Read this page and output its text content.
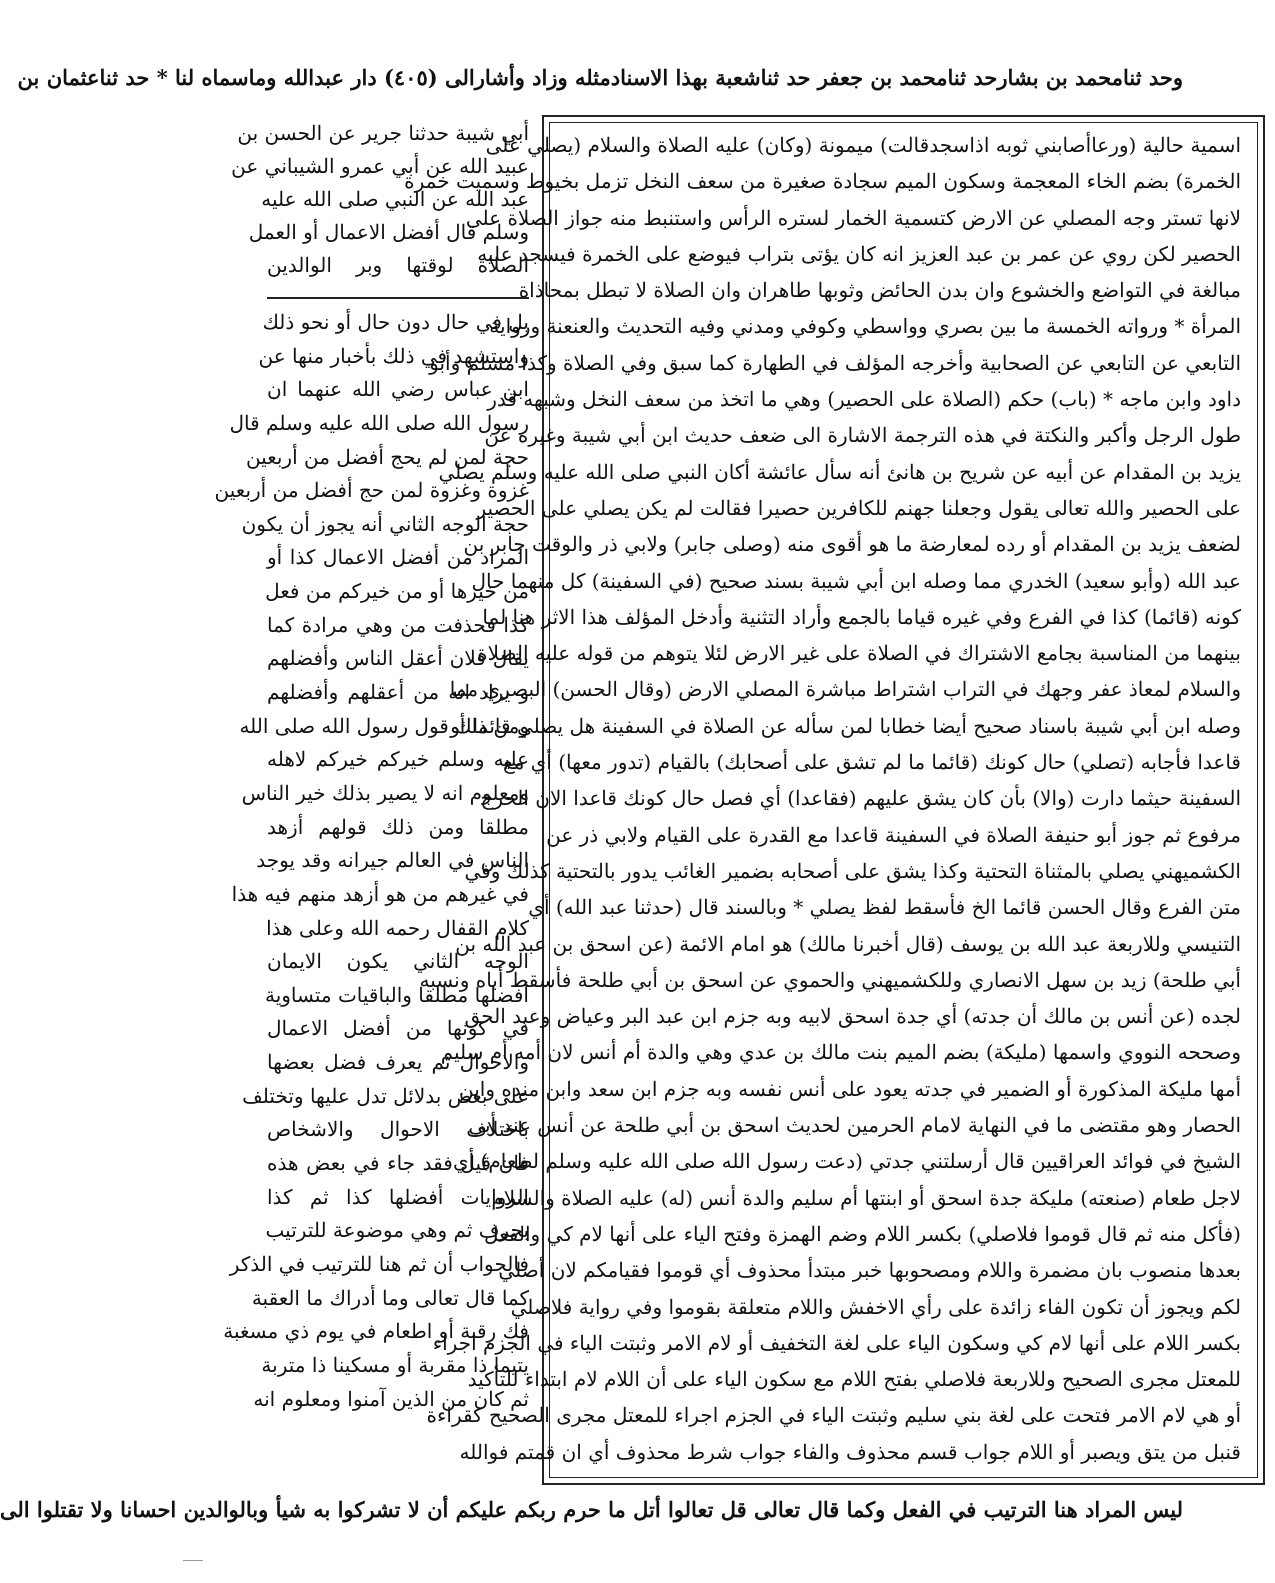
وحد ثنامحمد بن بشارحد ثنامحمد بن جعفر حد ثناشعبة بهذا الاسنادمثله وزاد وأشارالى (٤٠٥) دار عبدالله وماسماه لنا * حد ثناعثمان بن
اسمية حالية (ورعاأصابني ثوبه اذاسجدقالت) ميمونة (وكان) عليه الصلاة والسلام (يصلي على
الخمرة) بضم الخاء المعجمة وسكون الميم سجادة صغيرة من سعف النخل تزمل بخيوط وسميت خمرة
لانها تستر وجه المصلي عن الارض كتسمية الخمار لستره الرأس واستنبط منه جواز الصلاة على
الحصير لكن روي عن عمر بن عبد العزيز انه كان يؤتى بتراب فيوضع على الخمرة فيسجد عليه
مبالغة في التواضع والخشوع وان بدن الحائض وثوبها طاهران وان الصلاة لا تبطل بمحاذاة
المرأة * ورواته الخمسة ما بين بصري وواسطي وكوفي ومدني وفيه التحديث والعنعنة ورواية
التابعي عن التابعي عن الصحابية وأخرجه المؤلف في الطهارة كما سبق وفي الصلاة وكذا مسلم وأبو
داود وابن ماجه * (باب) حكم (الصلاة على الحصير) وهي ما اتخذ من سعف النخل وشبهه قدر
طول الرجل وأكبر والنكتة في هذه الترجمة الاشارة الى ضعف حديث ابن أبي شيبة وغيره عن
يزيد بن المقدام عن أبيه عن شريح بن هانئ أنه سأل عائشة أكان النبي صلى الله عليه وسلم يصلي
على الحصير والله تعالى يقول وجعلنا جهنم للكافرين حصيرا فقالت لم يكن يصلي على الحصير
لضعف يزيد بن المقدام أو رده لمعارضة ما هو أقوى منه (وصلى جابر) ولابي ذر والوقت جابر بن
عبد الله (وأبو سعيد) الخدري مما وصله ابن أبي شيبة بسند صحيح (في السفينة) كل منهما حال
كونه (قائما) كذا في الفرع وفي غيره قياما بالجمع وأراد التثنية وأدخل المؤلف هذا الاثر هنا لما
بينهما من المناسبة بجامع الاشتراك في الصلاة على غير الارض لئلا يتوهم من قوله عليه الصلاة
والسلام لمعاذ عفر وجهك في التراب اشتراط مباشرة المصلي الارض (وقال الحسن) البصري مما
وصله ابن أبي شيبة باسناد صحيح أيضا خطابا لمن سأله عن الصلاة في السفينة هل يصلي قائما أو
قاعدا فأجابه (تصلي) حال كونك (قائما ما لم تشق على أصحابك) بالقيام (تدور معها) أي مع
السفينة حيثما دارت (والا) بأن كان يشق عليهم (فقاعدا) أي فصل حال كونك قاعدا الان الحرج
مرفوع ثم جوز أبو حنيفة الصلاة في السفينة قاعدا مع القدرة على القيام ولابي ذر عن
الكشميهني يصلي بالمثناة التحتية وكذا يشق على أصحابه بضمير الغائب يدور بالتحتية كذلك وفي
متن الفرع وقال الحسن قائما الخ فأسقط لفظ يصلي * وبالسند قال (حدثنا عبد الله) أي
التنيسي وللاربعة عبد الله بن يوسف (قال أخبرنا مالك) هو امام الائمة (عن اسحق بن عبد الله بن
أبي طلحة) زيد بن سهل الانصاري وللكشميهني والحموي عن اسحق بن أبي طلحة فأسقط أباه ونسبه
لجده (عن أنس بن مالك أن جدته) أي جدة اسحق لابيه وبه جزم ابن عبد البر وعياض وعبد الحق
وصححه النووي واسمها (مليكة) بضم الميم بنت مالك بن عدي وهي والدة أم أنس لان أمه أم سليم
أمها مليكة المذكورة أو الضمير في جدته يعود على أنس نفسه وبه جزم ابن سعد وابن منده وابن
الحصار وهو مقتضى ما في النهاية لامام الحرمين لحديث اسحق بن أبي طلحة عن أنس عند أبي
الشيخ في فوائد العراقيين قال أرسلتني جدتي (دعت رسول الله صلى الله عليه وسلم لطعام) أي
لاجل طعام (صنعته) مليكة جدة اسحق أو ابنتها أم سليم والدة أنس (له) عليه الصلاة والسلام
(فأكل منه ثم قال قوموا فلاصلي) بكسر اللام وضم الهمزة وفتح الياء على أنها لام كي والفعل
بعدها منصوب بان مضمرة واللام ومصحوبها خبر مبتدأ محذوف أي قوموا فقيامكم لان أصلي
لكم ويجوز أن تكون الفاء زائدة على رأي الاخفش واللام متعلقة بقوموا وفي رواية فلاصلي
بكسر اللام على أنها لام كي وسكون الياء على لغة التخفيف أو لام الامر وثبتت الياء في الجزم اجراء
للمعتل مجرى الصحيح وللاربعة فلاصلي بفتح اللام مع سكون الياء على أن اللام لام ابتداء للتأكيد
أو هي لام الامر فتحت على لغة بني سليم وثبتت الياء في الجزم اجراء للمعتل مجرى الصحيح كقراءة
قنبل من يتق ويصبر أو اللام جواب قسم محذوف والفاء جواب شرط محذوف أي ان قمتم فوالله
أبي شيبة حدثنا جرير عن الحسن بن
عبيد الله عن أبي عمرو الشيباني عن
عبد الله عن النبي صلى الله عليه
وسلم قال أفضل الاعمال أو العمل
الصلاة لوقتها وبر الوالدين
بل في حال دون حال أو نحو ذلك
واستشهد في ذلك بأخبار منها عن
ابن عباس رضي الله عنهما ان
رسول الله صلى الله عليه وسلم قال
حجة لمن لم يحج أفضل من أربعين
غزوة وغزوة لمن حج أفضل من أربعين
حجة الوجه الثاني أنه يجوز أن يكون
المراد من أفضل الاعمال كذا أو
من خيرها أو من خيركم من فعل
كذا فحذفت من وهي مرادة كما
يقال فلان أعقل الناس وأفضلهم
و يراد انه من أعقلهم وأفضلهم
ومن ذلك قول رسول الله صلى الله
عليه وسلم خيركم خيركم لاهله
ومعلوم انه لا يصير بذلك خير الناس
مطلقا ومن ذلك قولهم أزهد
الناس في العالم جيرانه وقد يوجد
في غيرهم من هو أزهد منهم فيه هذا
كلام القفال رحمه الله وعلى هذا
الوجه الثاني يكون الايمان
أفضلها مطلقا والباقيات متساوية
في كونها من أفضل الاعمال
والاحوال ثم يعرف فضل بعضها
على بعض بدلائل تدل عليها وتختلف
باختلاف الاحوال والاشخاص
فان قيل فقد جاء في بعض هذه
الروايات أفضلها كذا ثم كذا
بحرف ثم وهي موضوعة للترتيب
فالجواب أن ثم هنا للترتيب في الذكر
كما قال تعالى وما أدراك ما العقبة
فك رقبة أو اطعام في يوم ذي مسغبة
يتيما ذا مقربة أو مسكينا ذا متربة
ثم كان من الذين آمنوا ومعلوم انه
ليس المراد هنا الترتيب في الفعل وكما قال تعالى قل تعالوا أتل ما حرم ربكم عليكم أن لا تشركوا به شيأ وبالوالدين احسانا ولا تقتلوا الى
